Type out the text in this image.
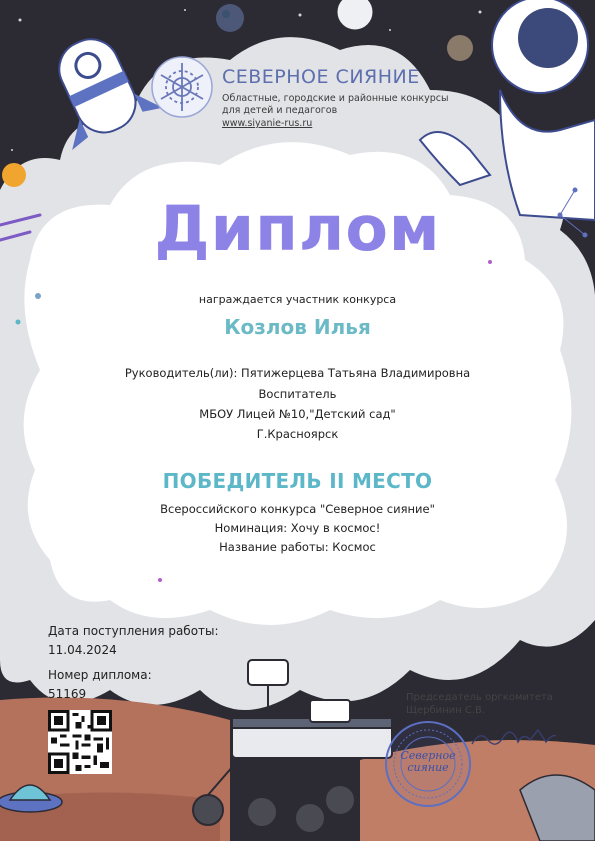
СЕВЕРНОЕ СИЯНИЕ
Областные, городские и районные конкурсы
для детей и педагогов
www.siyanie-rus.ru
Диплом
награждается участник конкурса
Козлов Илья
Руководитель(ли): Пятижерцева Татьяна Владимировна
Воспитатель
МБОУ Лицей №10,"Детский сад"
Г.Красноярск
ПОБЕДИТЕЛЬ II МЕСТО
Всероссийского конкурса "Северное сияние"
Номинация: Хочу в космос!
Название работы: Космос
Дата поступления работы:
11.04.2024
Номер диплома:
51169	Председатель оргкомитета
Щербинин С.В.
Северное
сияние
